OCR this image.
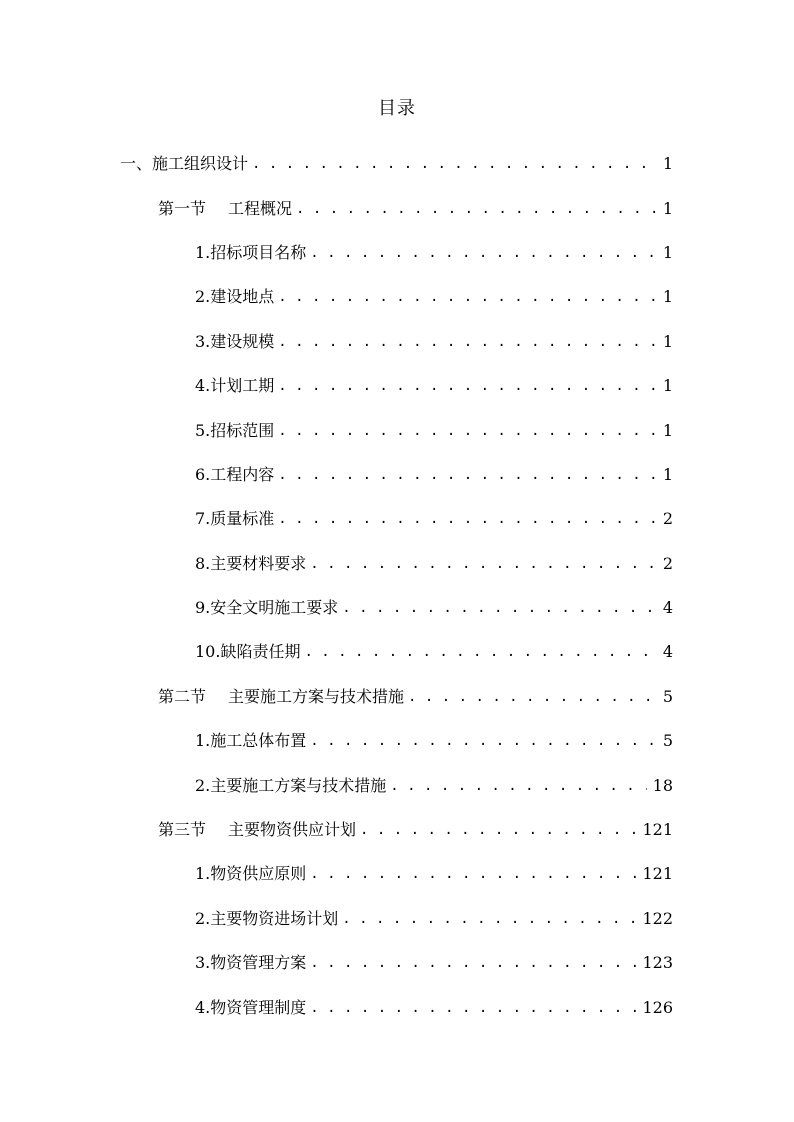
目录
一、施工组织设计 . . .	1
第一节 工程概况 . . .	1
1.招标项目名称 . . .	1
2.建设地点 . . .	1
3.建设规模 . . .	1
4.计划工期 . . .	1
5.招标范围 . . .	1
6.工程内容 . . .	1
7.质量标准 . . .	2
8.主要材料要求 . . .	2
9.安全文明施工要求 . . .	4
10.缺陷责任期 . . .	4
第二节 主要施工方案与技术措施 . . .	5
1.施工总体布置 . . .	5
2.主要施工方案与技术措施 . . .	18
第三节 主要物资供应计划 . . .	121
1.物资供应原则 . . .	121
2.主要物资进场计划 . . .	122
3.物资管理方案 . . .	123
4.物资管理制度 . . .	126
